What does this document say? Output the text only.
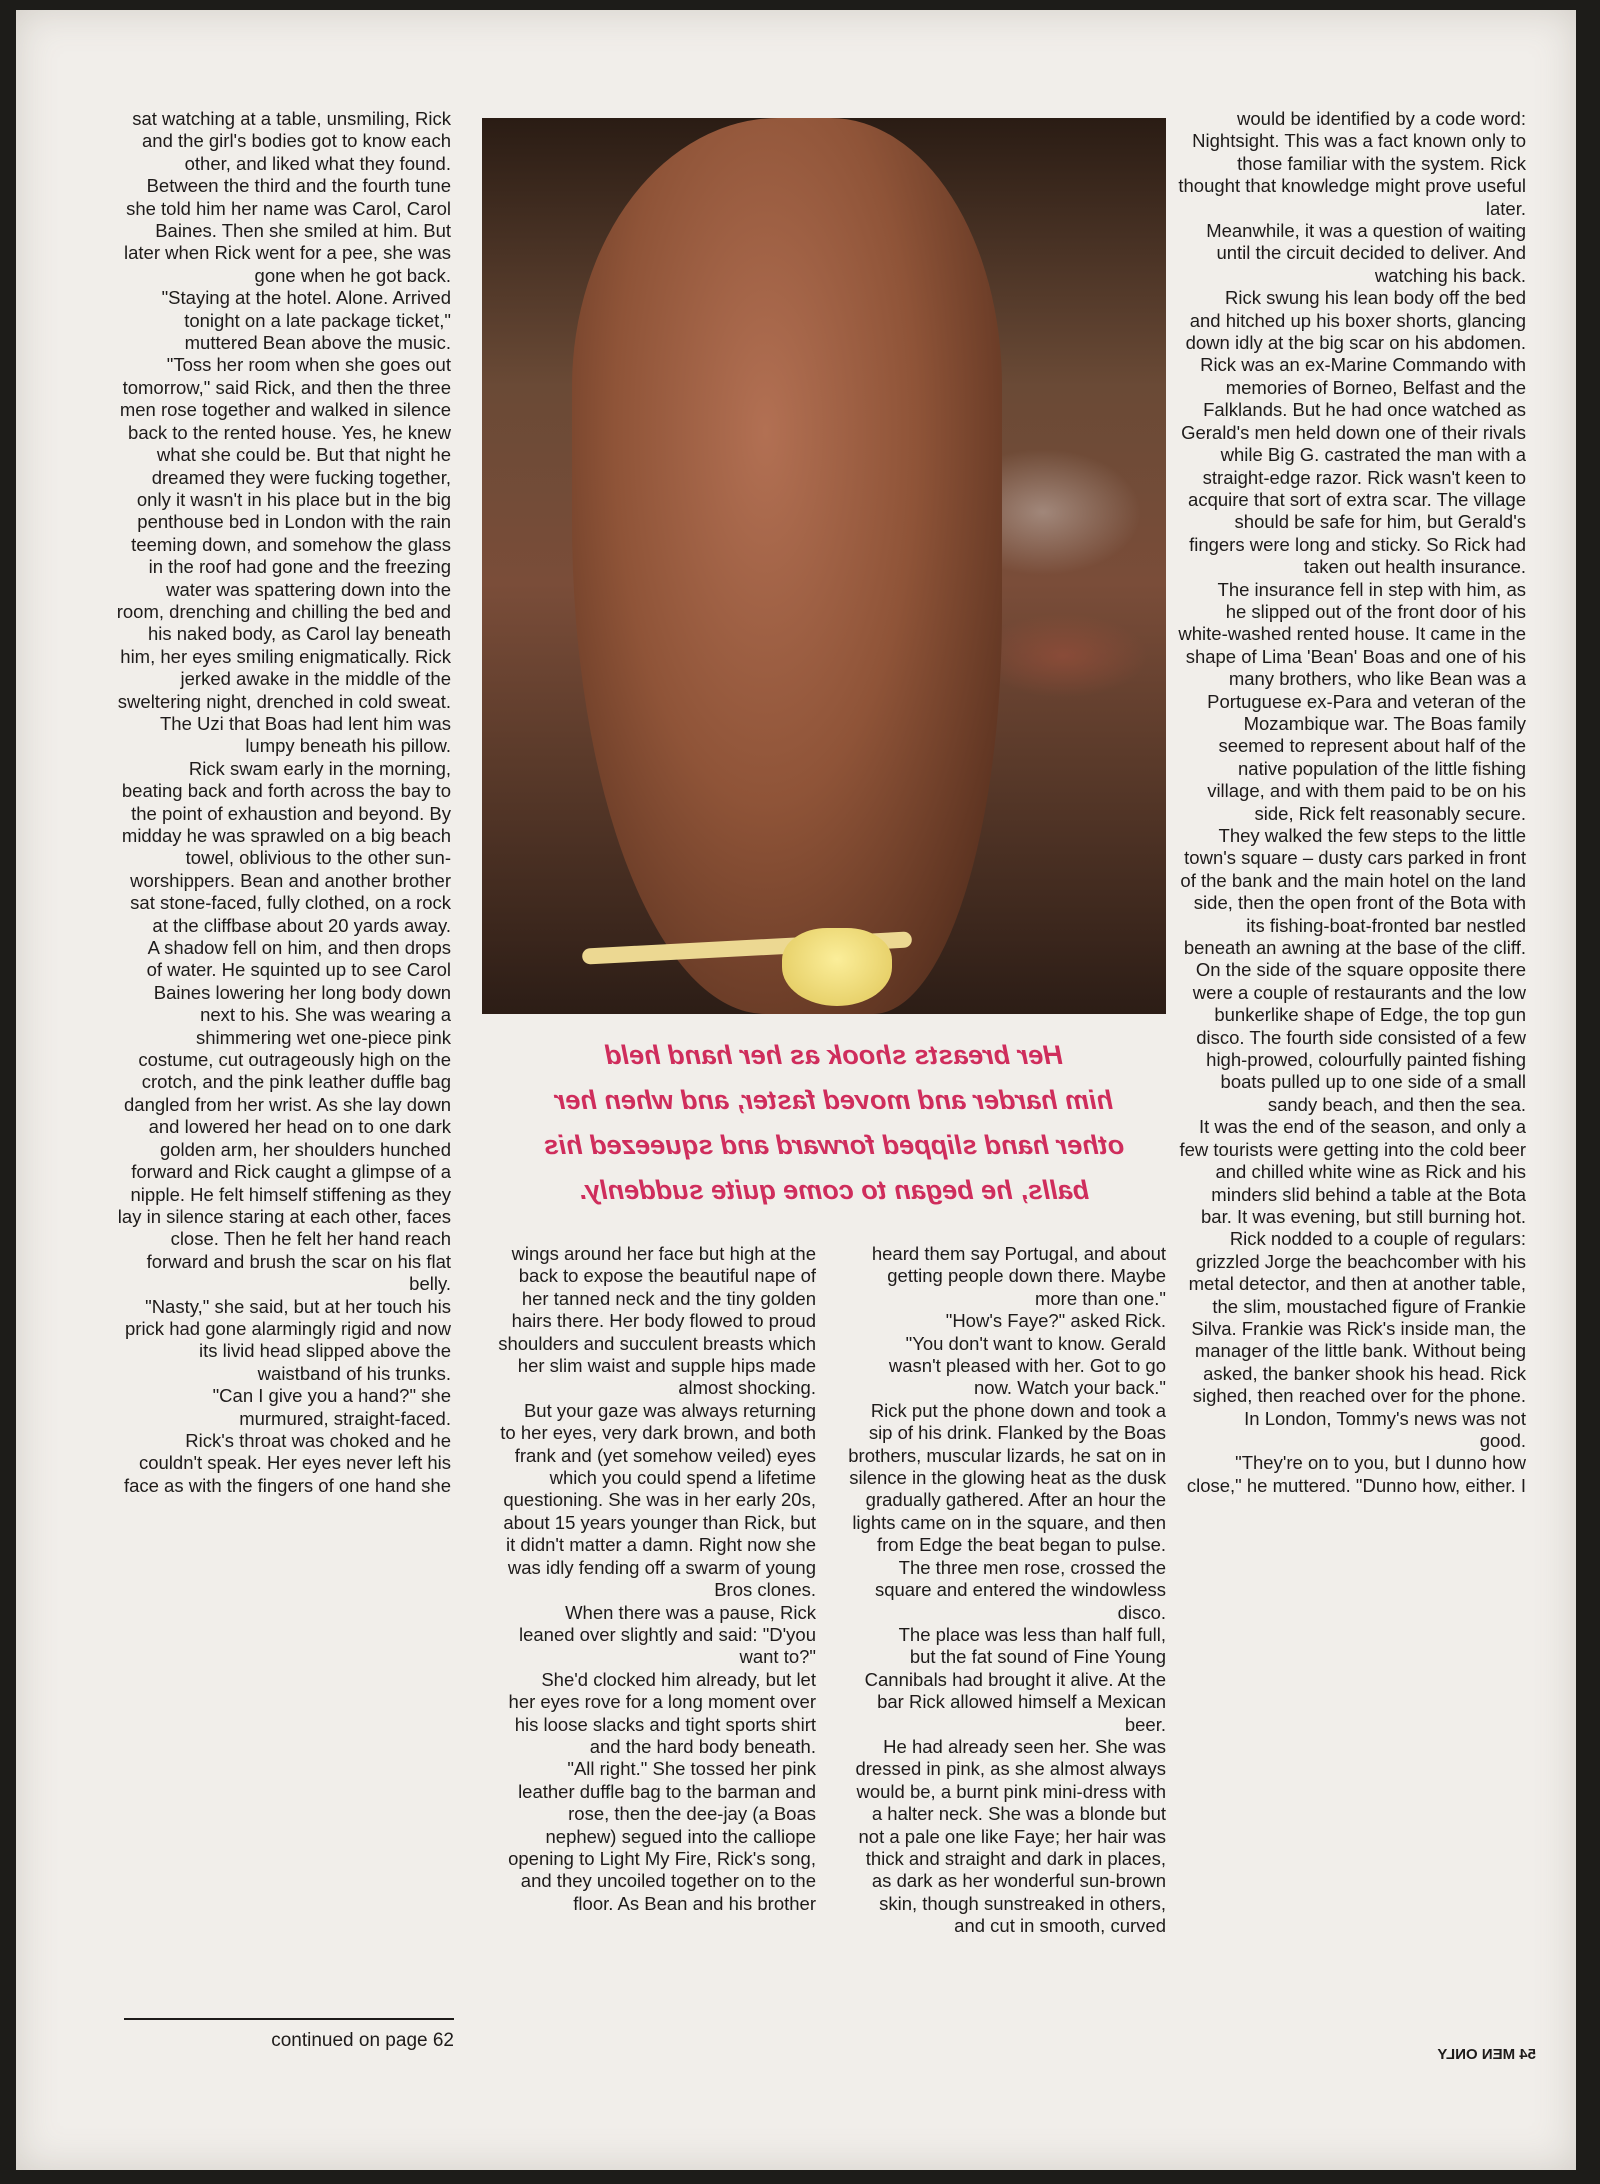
sat watching at a table, unsmiling, Rick and the girl's bodies got to know each other, and liked what they found.

Between the third and the fourth tune she told him her name was Carol, Carol Baines. Then she smiled at him. But later when Rick went for a pee, she was gone when he got back.

"Staying at the hotel. Alone. Arrived tonight on a late package ticket," muttered Bean above the music.

"Toss her room when she goes out tomorrow," said Rick, and then the three men rose together and walked in silence back to the rented house. Yes, he knew what she could be. But that night he dreamed they were fucking together, only it wasn't in his place but in the big penthouse bed in London with the rain teeming down, and somehow the glass in the roof had gone and the freezing water was spattering down into the room, drenching and chilling the bed and his naked body, as Carol lay beneath him, her eyes smiling enigmatically. Rick jerked awake in the middle of the sweltering night, drenched in cold sweat. The Uzi that Boas had lent him was lumpy beneath his pillow.

Rick swam early in the morning, beating back and forth across the bay to the point of exhaustion and beyond. By midday he was sprawled on a big beach towel, oblivious to the other sun-worshippers. Bean and another brother sat stone-faced, fully clothed, on a rock at the cliffbase about 20 yards away.

A shadow fell on him, and then drops of water. He squinted up to see Carol Baines lowering her long body down next to his. She was wearing a shimmering wet one-piece pink costume, cut outrageously high on the crotch, and the pink leather duffle bag dangled from her wrist. As she lay down and lowered her head on to one dark golden arm, her shoulders hunched forward and Rick caught a glimpse of a nipple. He felt himself stiffening as they lay in silence staring at each other, faces close. Then he felt her hand reach forward and brush the scar on his flat belly.

"Nasty," she said, but at her touch his prick had gone alarmingly rigid and now its livid head slipped above the waistband of his trunks.

"Can I give you a hand?" she murmured, straight-faced.

Rick's throat was choked and he couldn't speak. Her eyes never left his face as with the fingers of one hand she

Her breasts shook as her hand held
him harder and moved faster, and when her
other hand slipped forward and squeezed his
balls, he began to come quite suddenly.

wings around her face but high at the back to expose the beautiful nape of her tanned neck and the tiny golden hairs there. Her body flowed to proud shoulders and succulent breasts which her slim waist and supple hips made almost shocking.

But your gaze was always returning to her eyes, very dark brown, and both frank and (yet somehow veiled) eyes which you could spend a lifetime questioning. She was in her early 20s, about 15 years younger than Rick, but it didn't matter a damn. Right now she was idly fending off a swarm of young Bros clones.

When there was a pause, Rick leaned over slightly and said: "D'you want to?"

She'd clocked him already, but let her eyes rove for a long moment over his loose slacks and tight sports shirt and the hard body beneath.

"All right." She tossed her pink leather duffle bag to the barman and rose, then the dee-jay (a Boas nephew) segued into the calliope opening to Light My Fire, Rick's song, and they uncoiled together on to the floor. As Bean and his brother

heard them say Portugal, and about getting people down there. Maybe more than one."

"How's Faye?" asked Rick.

"You don't want to know. Gerald wasn't pleased with her. Got to go now. Watch your back."

Rick put the phone down and took a sip of his drink. Flanked by the Boas brothers, muscular lizards, he sat on in silence in the glowing heat as the dusk gradually gathered. After an hour the lights came on in the square, and then from Edge the beat began to pulse. The three men rose, crossed the square and entered the windowless disco.

The place was less than half full, but the fat sound of Fine Young Cannibals had brought it alive. At the bar Rick allowed himself a Mexican beer.

He had already seen her. She was dressed in pink, as she almost always would be, a burnt pink mini-dress with a halter neck. She was a blonde but not a pale one like Faye; her hair was thick and straight and dark in places, as dark as her wonderful sun-brown skin, though sunstreaked in others, and cut in smooth, curved

would be identified by a code word: Nightsight. This was a fact known only to those familiar with the system. Rick thought that knowledge might prove useful later.

Meanwhile, it was a question of waiting until the circuit decided to deliver. And watching his back.

Rick swung his lean body off the bed and hitched up his boxer shorts, glancing down idly at the big scar on his abdomen. Rick was an ex-Marine Commando with memories of Borneo, Belfast and the Falklands. But he had once watched as Gerald's men held down one of their rivals while Big G. castrated the man with a straight-edge razor. Rick wasn't keen to acquire that sort of extra scar. The village should be safe for him, but Gerald's fingers were long and sticky. So Rick had taken out health insurance.

The insurance fell in step with him, as he slipped out of the front door of his white-washed rented house. It came in the shape of Lima 'Bean' Boas and one of his many brothers, who like Bean was a Portuguese ex-Para and veteran of the Mozambique war. The Boas family seemed to represent about half of the native population of the little fishing village, and with them paid to be on his side, Rick felt reasonably secure.

They walked the few steps to the little town's square – dusty cars parked in front of the bank and the main hotel on the land side, then the open front of the Bota with its fishing-boat-fronted bar nestled beneath an awning at the base of the cliff. On the side of the square opposite there were a couple of restaurants and the low bunkerlike shape of Edge, the top gun disco. The fourth side consisted of a few high-prowed, colourfully painted fishing boats pulled up to one side of a small sandy beach, and then the sea.

It was the end of the season, and only a few tourists were getting into the cold beer and chilled white wine as Rick and his minders slid behind a table at the Bota bar. It was evening, but still burning hot. Rick nodded to a couple of regulars: grizzled Jorge the beachcomber with his metal detector, and then at another table, the slim, moustached figure of Frankie Silva. Frankie was Rick's inside man, the manager of the little bank. Without being asked, the banker shook his head. Rick sighed, then reached over for the phone.

In London, Tommy's news was not good.

"They're on to you, but I dunno how close," he muttered. "Dunno how, either. I

continued on page 62
54 MEN ONLY
